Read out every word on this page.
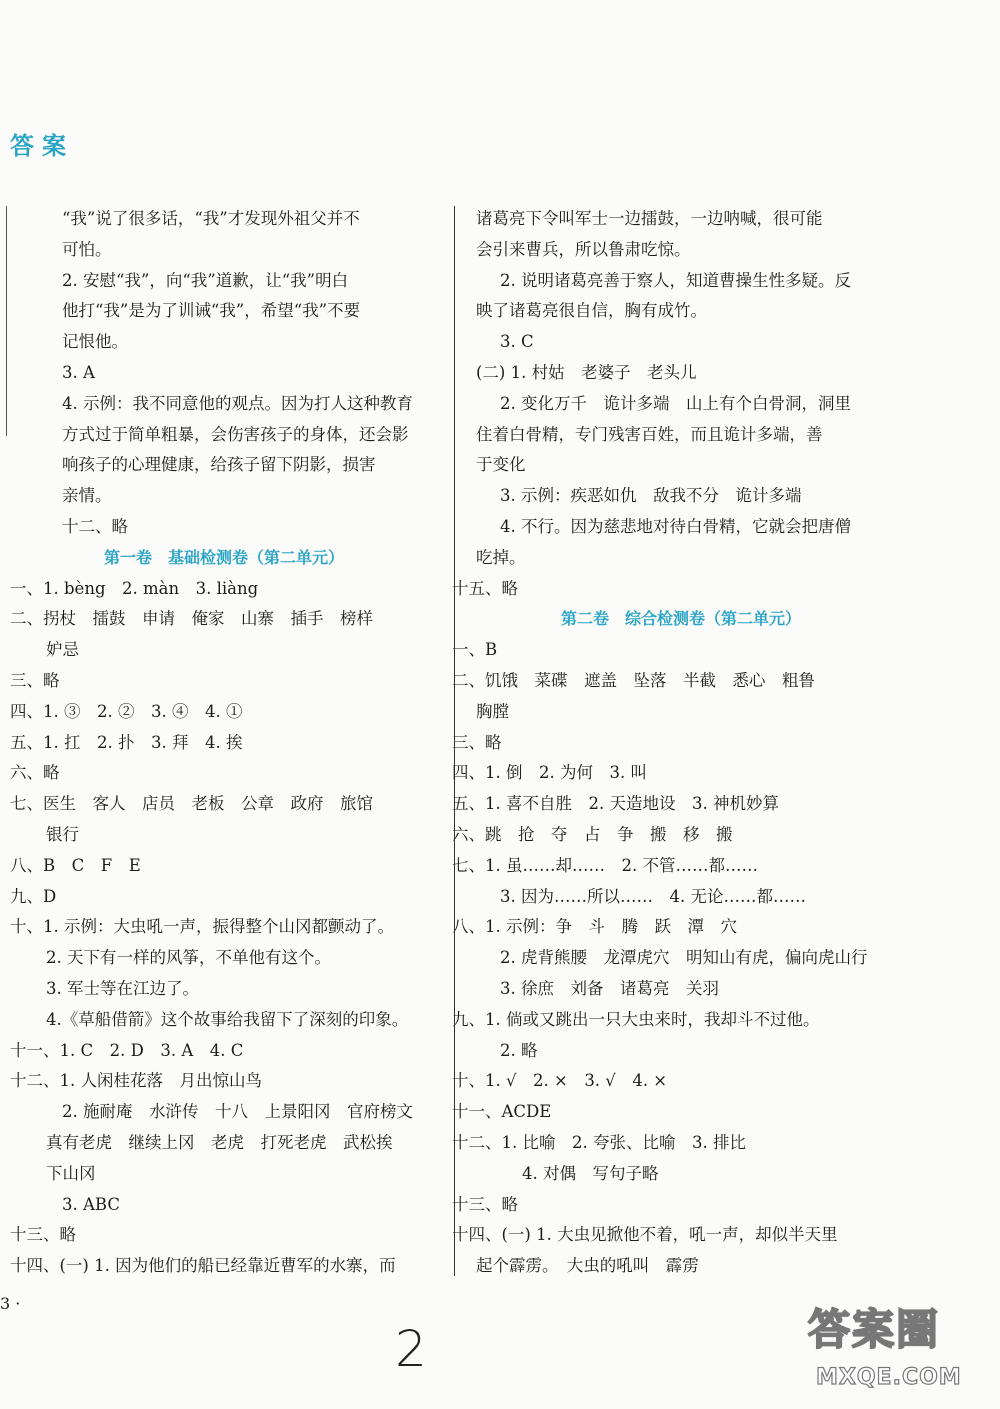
答案
“我”说了很多话，“我”才发现外祖父并不
可怕。
2. 安慰“我”，向“我”道歉，让“我”明白
他打“我”是为了训诫“我”，希望“我”不要
记恨他。
3. A
4. 示例：我不同意他的观点。因为打人这种教育
方式过于简单粗暴，会伤害孩子的身体，还会影
响孩子的心理健康，给孩子留下阴影，损害
亲情。
十二、略
第一卷　基础检测卷（第二单元）
一、1. bèng　2. màn　3. liàng
二、拐杖　擂鼓　申请　俺家　山寨　插手　榜样
妒忌
三、略
四、1. ③　2. ②　3. ④　4. ①
五、1. 扛　2. 扑　3. 拜　4. 挨
六、略
七、医生　客人　店员　老板　公章　政府　旅馆
银行
八、B　C　F　E
九、D
十、1. 示例：大虫吼一声，振得整个山冈都颤动了。
2. 天下有一样的风筝，不单他有这个。
3. 军士等在江边了。
4.《草船借箭》这个故事给我留下了深刻的印象。
十一、1. C　2. D　3. A　4. C
十二、1. 人闲桂花落　月出惊山鸟
2. 施耐庵　水浒传　十八　上景阳冈　官府榜文
真有老虎　继续上冈　老虎　打死老虎　武松挨
下山冈
3. ABC
十三、略
十四、(一) 1. 因为他们的船已经靠近曹军的水寨，而
诸葛亮下令叫军士一边擂鼓，一边呐喊，很可能
会引来曹兵，所以鲁肃吃惊。
2. 说明诸葛亮善于察人，知道曹操生性多疑。反
映了诸葛亮很自信，胸有成竹。
3. C
(二) 1. 村姑　老婆子　老头儿
2. 变化万千　诡计多端　山上有个白骨洞，洞里
住着白骨精，专门残害百姓，而且诡计多端，善
于变化
3. 示例：疾恶如仇　敌我不分　诡计多端
4. 不行。因为慈悲地对待白骨精，它就会把唐僧
吃掉。
十五、略
第二卷　综合检测卷（第二单元）
一、B
二、饥饿　菜碟　遮盖　坠落　半截　悉心　粗鲁
胸膛
三、略
四、1. 倒　2. 为何　3. 叫
五、1. 喜不自胜　2. 天造地设　3. 神机妙算
六、跳　抢　夺　占　争　搬　移　搬
七、1. 虽……却……　2. 不管……都……
3. 因为……所以……　4. 无论……都……
八、1. 示例：争　斗　腾　跃　潭　穴
2. 虎背熊腰　龙潭虎穴　明知山有虎，偏向虎山行
3. 徐庶　刘备　诸葛亮　关羽
九、1. 倘或又跳出一只大虫来时，我却斗不过他。
2. 略
十、1. √　2. ×　3. √　4. ×
十一、ACDE
十二、1. 比喻　2. 夸张、比喻　3. 排比
4. 对偶　写句子略
十三、略
十四、(一) 1. 大虫见掀他不着，吼一声，却似半天里
起个霹雳。　大虫的吼叫　霹雳
3 ·
2	答案圈
MXQE.COM
